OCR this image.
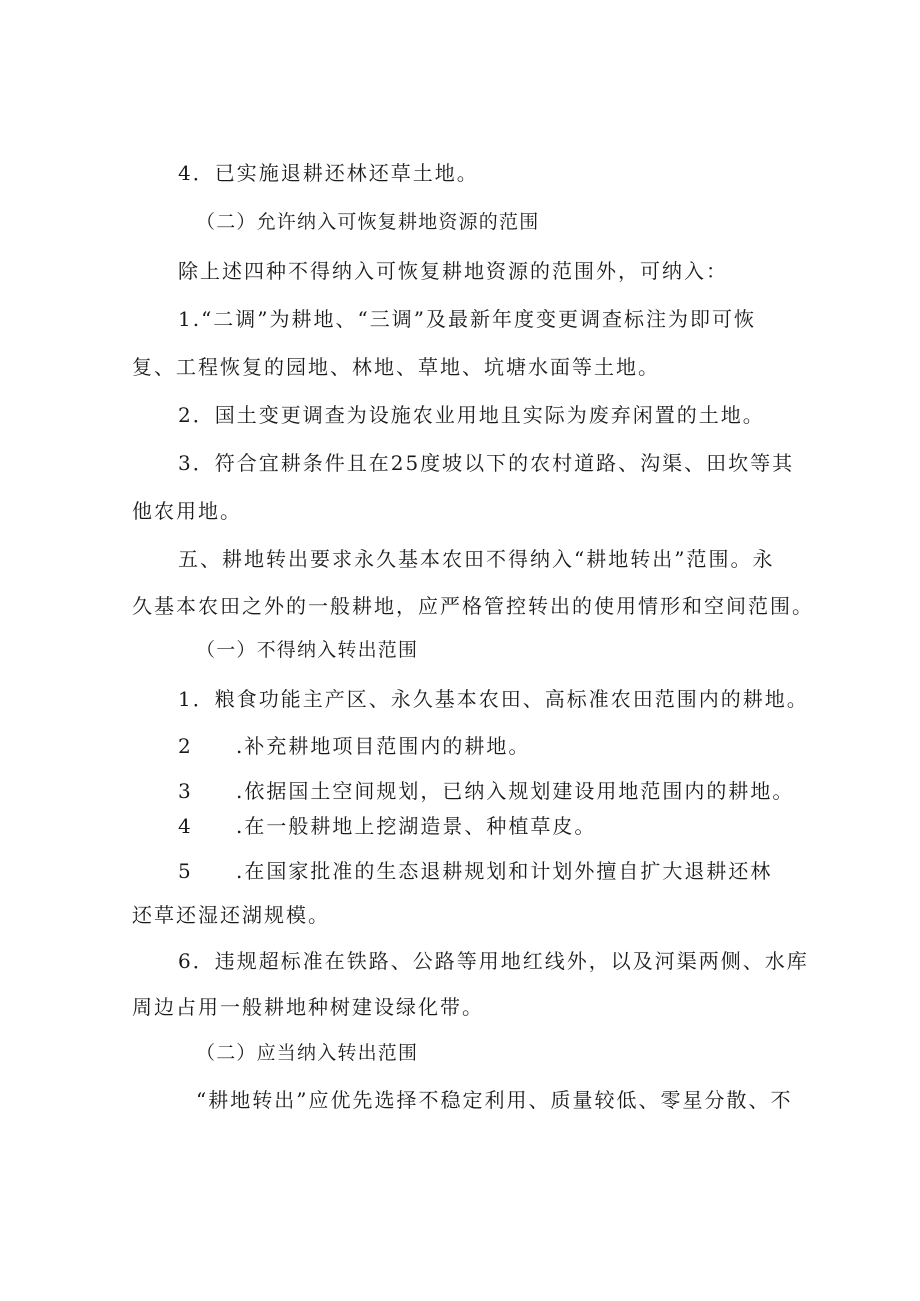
4．已实施退耕还林还草土地。
（二）允许纳入可恢复耕地资源的范围
除上述四种不得纳入可恢复耕地资源的范围外，可纳入：
1.“二调”为耕地、“三调”及最新年度变更调查标注为即可恢
复、工程恢复的园地、林地、草地、坑塘水面等土地。
2．国土变更调查为设施农业用地且实际为废弃闲置的土地。
3．符合宜耕条件且在25度坡以下的农村道路、沟渠、田坎等其
他农用地。
五、耕地转出要求永久基本农田不得纳入“耕地转出”范围。永
久基本农田之外的一般耕地，应严格管控转出的使用情形和空间范围。
（一）不得纳入转出范围
1．粮食功能主产区、永久基本农田、高标准农田范围内的耕地。
2 .补充耕地项目范围内的耕地。
3 .依据国土空间规划，已纳入规划建设用地范围内的耕地。
4 .在一般耕地上挖湖造景、种植草皮。
5 .在国家批准的生态退耕规划和计划外擅自扩大退耕还林
还草还湿还湖规模。
6．违规超标准在铁路、公路等用地红线外，以及河渠两侧、水库
周边占用一般耕地种树建设绿化带。
（二）应当纳入转出范围
“耕地转出”应优先选择不稳定利用、质量较低、零星分散、不
